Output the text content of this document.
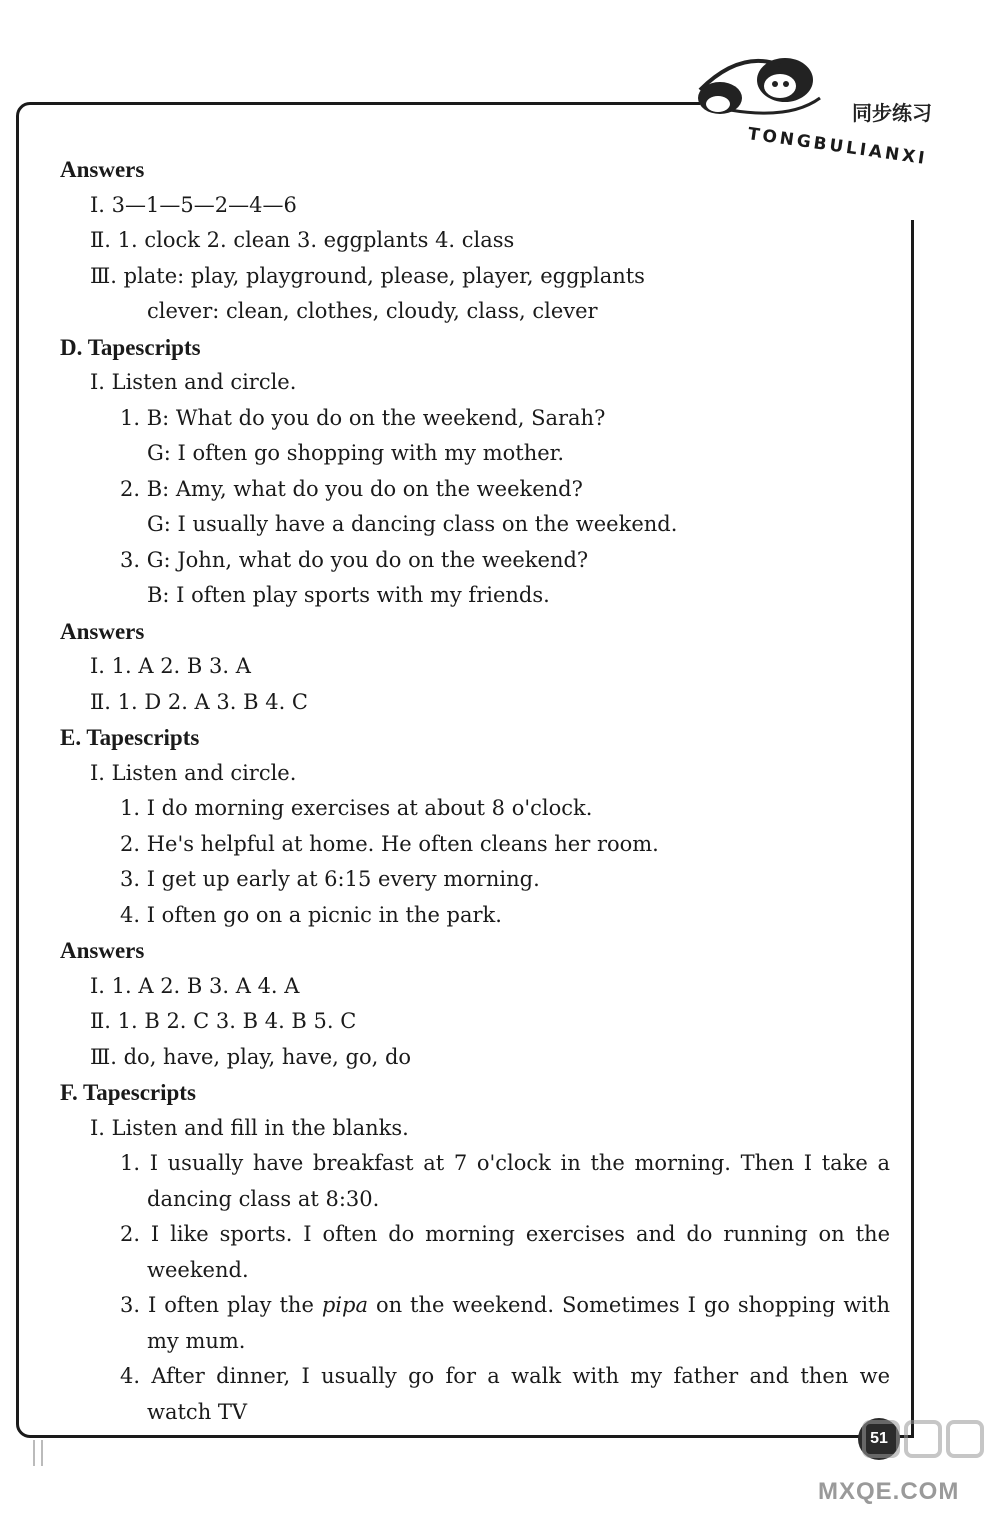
同步练习
TONGBULIANXI
Answers
Ⅰ. 3—1—5—2—4—6
Ⅱ. 1. clock 2. clean 3. eggplants 4. class
Ⅲ. plate: play, playground, please, player, eggplants
clever: clean, clothes, cloudy, class, clever
D. Tapescripts
Ⅰ. Listen and circle.
1. B: What do you do on the weekend, Sarah?
G: I often go shopping with my mother.
2. B: Amy, what do you do on the weekend?
G: I usually have a dancing class on the weekend.
3. G: John, what do you do on the weekend?
B: I often play sports with my friends.
Answers
Ⅰ. 1. A 2. B 3. A
Ⅱ. 1. D 2. A 3. B 4. C
E. Tapescripts
Ⅰ. Listen and circle.
1. I do morning exercises at about 8 o'clock.
2. He's helpful at home. He often cleans her room.
3. I get up early at 6:15 every morning.
4. I often go on a picnic in the park.
Answers
Ⅰ. 1. A 2. B 3. A 4. A
Ⅱ. 1. B 2. C 3. B 4. B 5. C
Ⅲ. do, have, play, have, go, do
F. Tapescripts
Ⅰ. Listen and fill in the blanks.
1. I usually have breakfast at 7 o'clock in the morning. Then I take a dancing class at 8:30.
2. I like sports. I often do morning exercises and do running on the weekend.
3. I often play the pipa on the weekend. Sometimes I go shopping with my mum.
4. After dinner, I usually go for a walk with my father and then we watch TV
51
MXQE.COM
